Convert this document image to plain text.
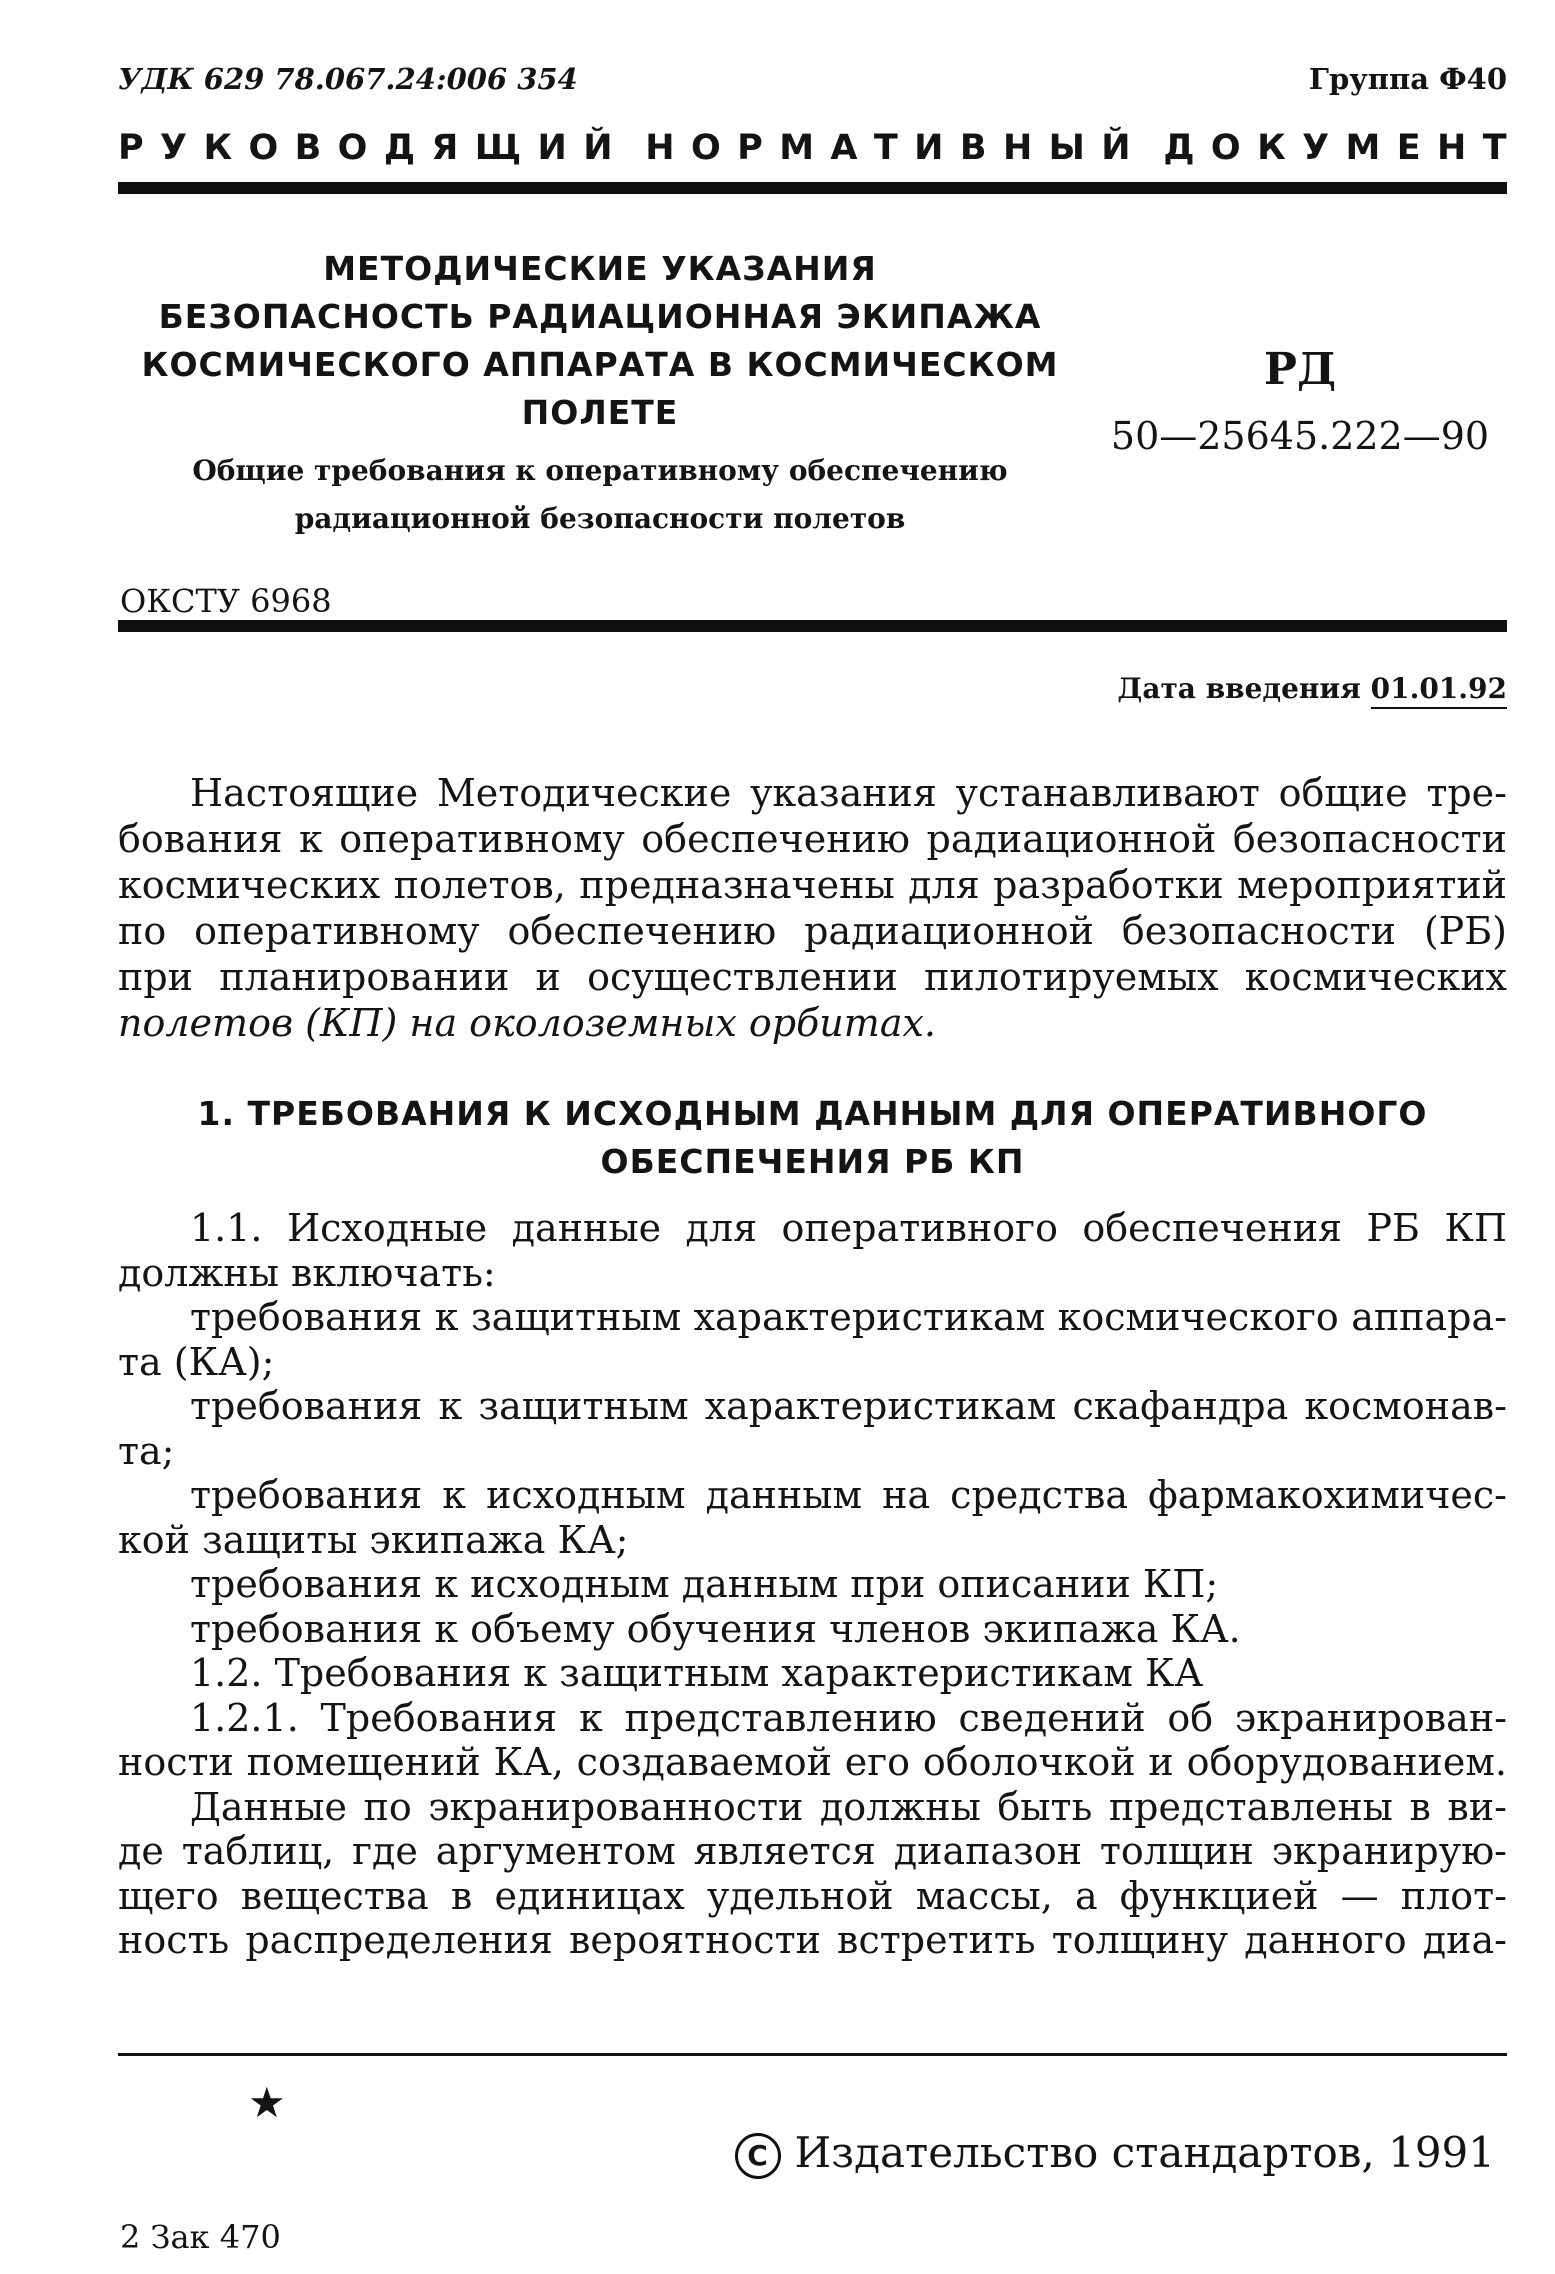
УДК 629 78.067.24:006 354	Группа Ф40
Р У К О В О Д Я Щ И Й Н О Р М А Т И В Н Ы Й Д О К У М Е Н Т
МЕТОДИЧЕСКИЕ УКАЗАНИЯ
БЕЗОПАСНОСТЬ РАДИАЦИОННАЯ ЭКИПАЖА
КОСМИЧЕСКОГО АППАРАТА В КОСМИЧЕСКОМ
ПОЛЕТЕ
Общие требования к оперативному обеспечению
радиационной безопасности полетов
РД
50—25645.222—90
ОКСТУ 6968
Дата введения 01.01.92
Настоящие Методические указания устанавливают общие тре-
бования к оперативному обеспечению радиационной безопасности
космических полетов, предназначены для разработки мероприятий
по оперативному обеспечению радиационной безопасности (РБ)
при планировании и осуществлении пилотируемых космических
полетов (КП) на околоземных орбитах.
1. ТРЕБОВАНИЯ К ИСХОДНЫМ ДАННЫМ ДЛЯ ОПЕРАТИВНОГО
ОБЕСПЕЧЕНИЯ РБ КП
1.1. Исходные данные для оперативного обеспечения РБ КП
должны включать:
требования к защитным характеристикам космического аппара-
та (КА);
требования к защитным характеристикам скафандра космонав-
та;
требования к исходным данным на средства фармакохимичес-
кой защиты экипажа КА;
требования к исходным данным при описании КП;
требования к объему обучения членов экипажа КА.
1.2. Требования к защитным характеристикам КА
1.2.1. Требования к представлению сведений об экранирован-
ности помещений КА, создаваемой его оболочкой и оборудованием.
Данные по экранированности должны быть представлены в ви-
де таблиц, где аргументом является диапазон толщин экранирую-
щего вещества в единицах удельной массы, а функцией — плот-
ность распределения вероятности встретить толщину данного диа-
★
C Издательство стандартов, 1991
2 Зак 470
